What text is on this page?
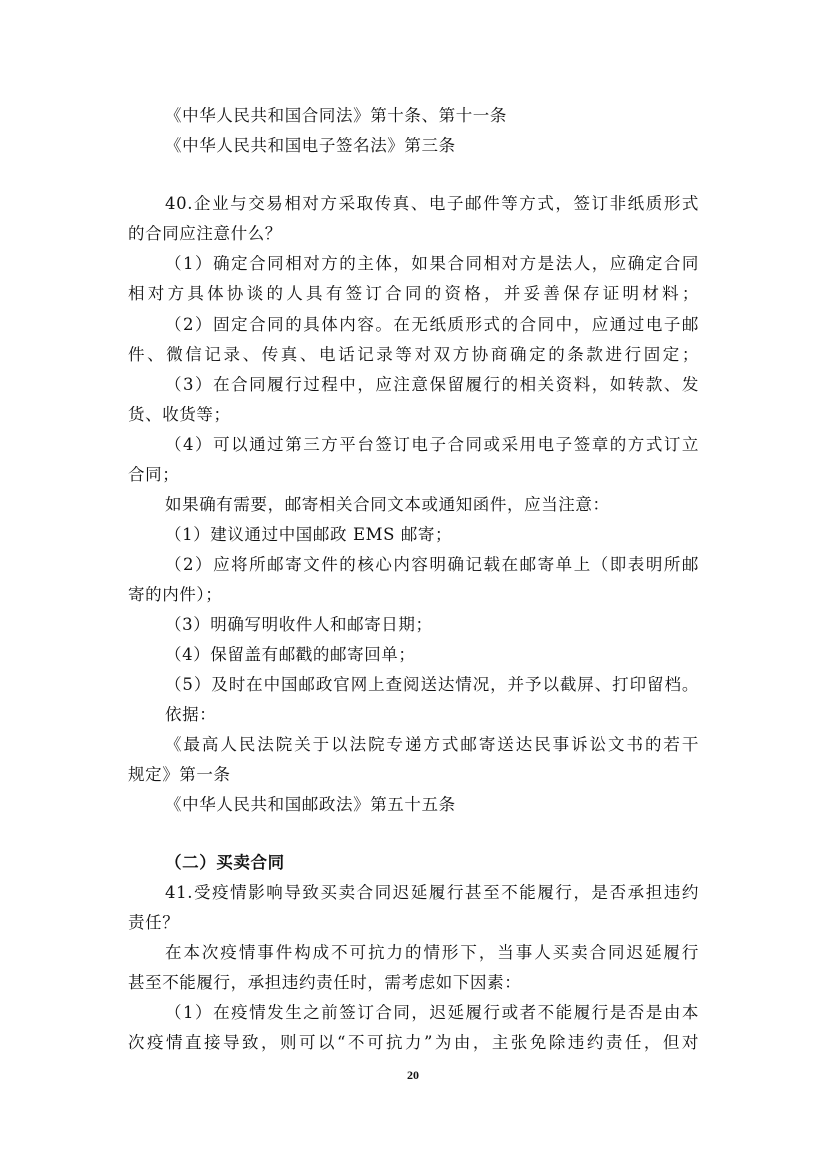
《中华人民共和国合同法》第十条、第十一条
《中华人民共和国电子签名法》第三条
40.企业与交易相对方采取传真、电子邮件等方式，签订非纸质形式
的合同应注意什么？
（1）确定合同相对方的主体，如果合同相对方是法人，应确定合同
相对方具体协谈的人具有签订合同的资格，并妥善保存证明材料；
（2）固定合同的具体内容。在无纸质形式的合同中，应通过电子邮
件、微信记录、传真、电话记录等对双方协商确定的条款进行固定；
（3）在合同履行过程中，应注意保留履行的相关资料，如转款、发
货、收货等；
（4）可以通过第三方平台签订电子合同或采用电子签章的方式订立
合同；
如果确有需要，邮寄相关合同文本或通知函件，应当注意：
（1）建议通过中国邮政 EMS 邮寄；
（2）应将所邮寄文件的核心内容明确记载在邮寄单上（即表明所邮
寄的内件）；
（3）明确写明收件人和邮寄日期；
（4）保留盖有邮戳的邮寄回单；
（5）及时在中国邮政官网上查阅送达情况，并予以截屏、打印留档。
依据：
《最高人民法院关于以法院专递方式邮寄送达民事诉讼文书的若干
规定》第一条
《中华人民共和国邮政法》第五十五条
（二）买卖合同
41.受疫情影响导致买卖合同迟延履行甚至不能履行，是否承担违约
责任？
在本次疫情事件构成不可抗力的情形下，当事人买卖合同迟延履行
甚至不能履行，承担违约责任时，需考虑如下因素：
（1）在疫情发生之前签订合同，迟延履行或者不能履行是否是由本
次疫情直接导致，则可以“不可抗力”为由，主张免除违约责任，但对
20
